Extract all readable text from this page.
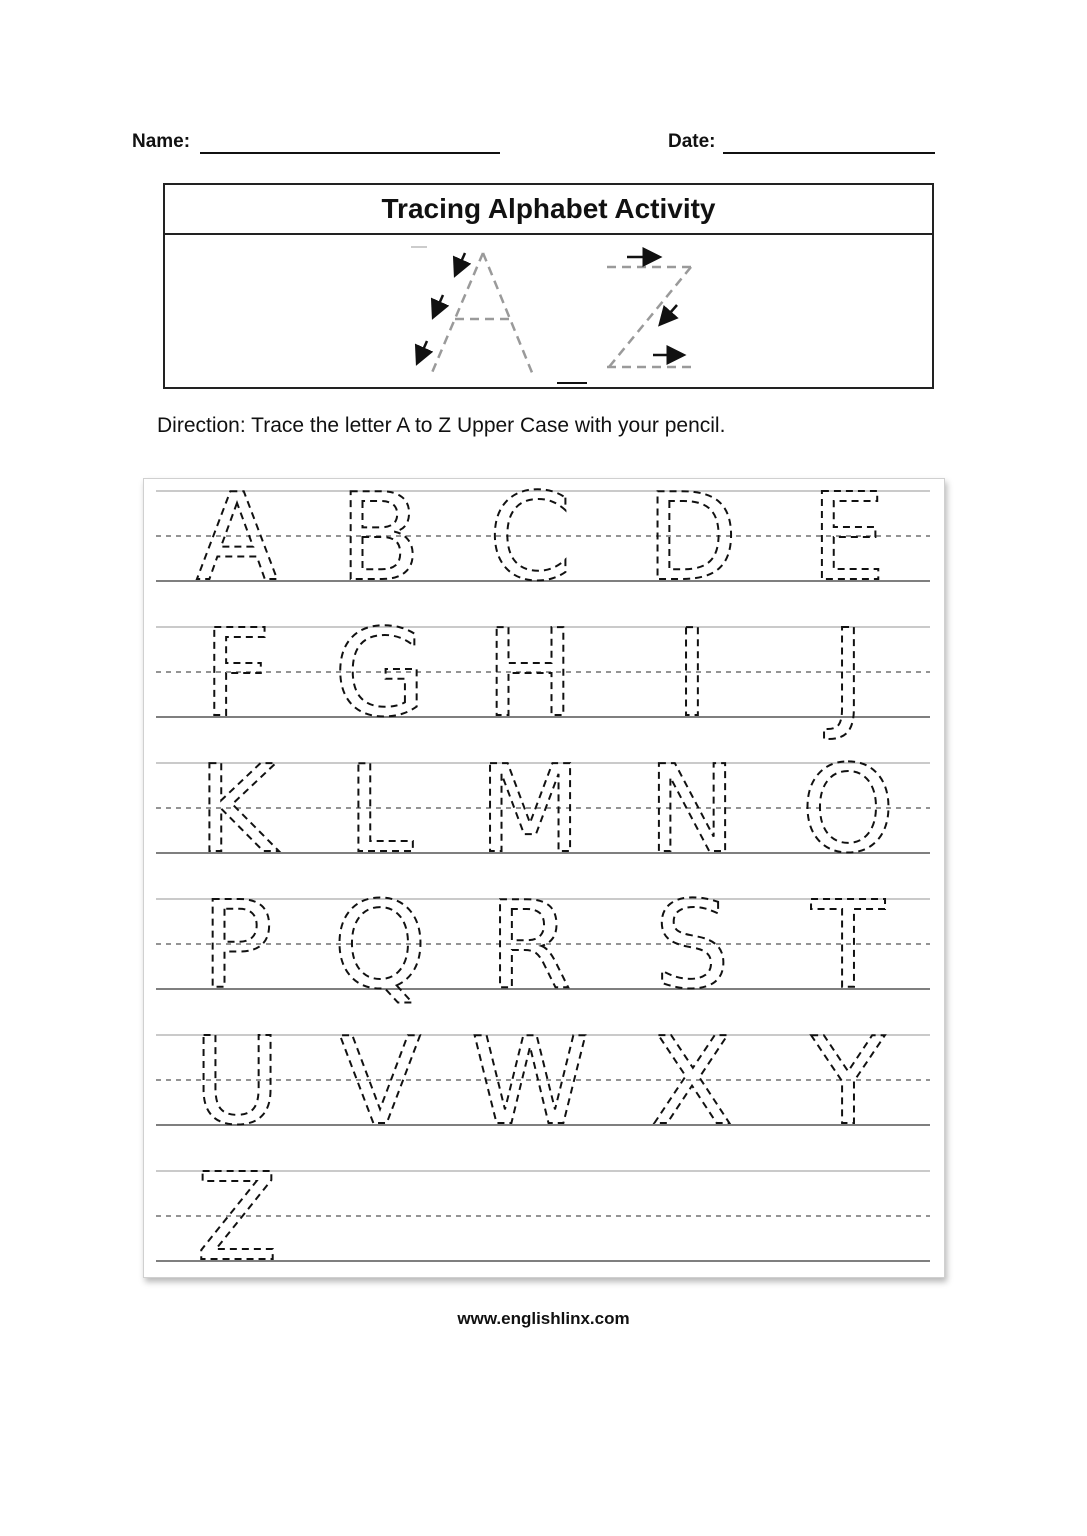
Name:	Date:
Tracing Alphabet Activity
Direction: Trace the letter A to Z Upper Case with your pencil.
A B C D E
F G H I J
K L M N O
P Q R S T
U V W X Y
Z
www.englishlinx.com
